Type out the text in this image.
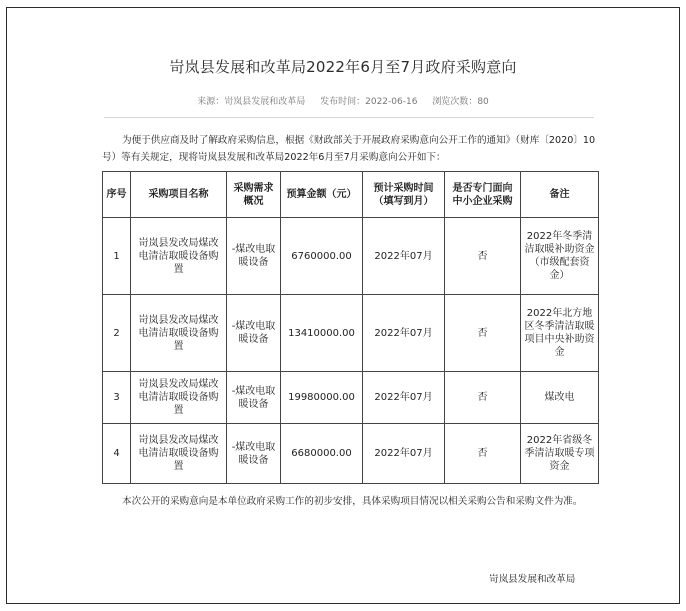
岢岚县发展和改革局2022年6月至7月政府采购意向
来源：岢岚县发展和改革局 发布时间：2022-06-16 浏览次数：80

为便于供应商及时了解政府采购信息，根据《财政部关于开展政府采购意向公开工作的通知》（财库〔2020〕10号）等有关规定，现将岢岚县发展和改革局2022年6月至7月采购意向公开如下：

序号	采购项目名称	采购需求概况	预算金额（元）	预计采购时间（填写到月）	是否专门面向中小企业采购	备注
1	岢岚县发改局煤改电清洁取暖设备购置	-煤改电取暖设备	6760000.00	2022年07月	否	2022年冬季清洁取暖补助资金（市级配套资金）
2	岢岚县发改局煤改电清洁取暖设备购置	-煤改电取暖设备	13410000.00	2022年07月	否	2022年北方地区冬季清洁取暖项目中央补助资金
3	岢岚县发改局煤改电清洁取暖设备购置	-煤改电取暖设备	19980000.00	2022年07月	否	煤改电
4	岢岚县发改局煤改电清洁取暖设备购置	-煤改电取暖设备	6680000.00	2022年07月	否	2022年省级冬季清洁取暖专项资金

本次公开的采购意向是本单位政府采购工作的初步安排，具体采购项目情况以相关采购公告和采购文件为准。

岢岚县发展和改革局
